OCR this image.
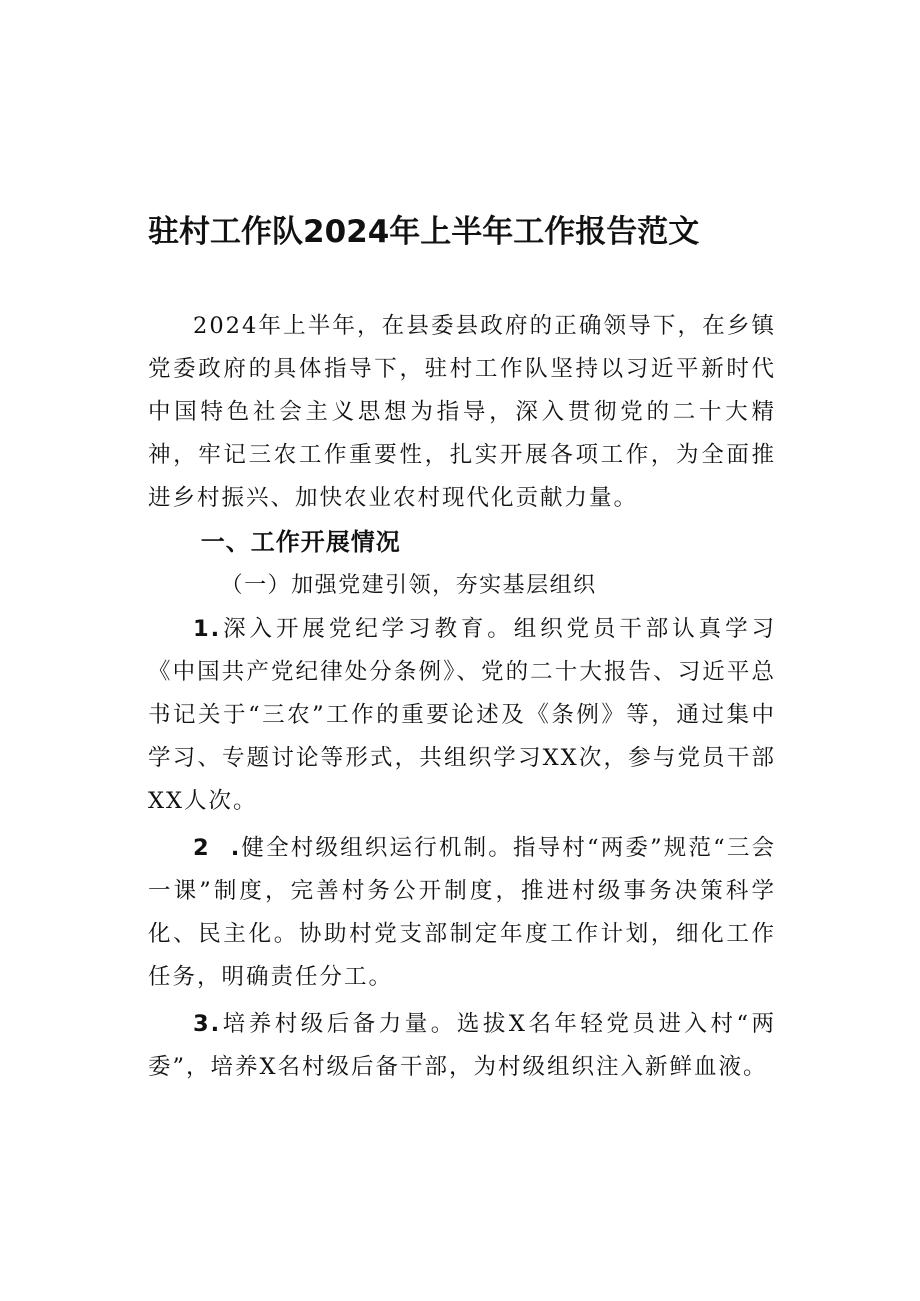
驻村工作队2024年上半年工作报告范文

2024年上半年，在县委县政府的正确领导下，在乡镇党委政府的具体指导下，驻村工作队坚持以习近平新时代中国特色社会主义思想为指导，深入贯彻党的二十大精神，牢记三农工作重要性，扎实开展各项工作，为全面推进乡村振兴、加快农业农村现代化贡献力量。

一、工作开展情况

（一）加强党建引领，夯实基层组织

1.深入开展党纪学习教育。组织党员干部认真学习《中国共产党纪律处分条例》、党的二十大报告、习近平总书记关于“三农”工作的重要论述及《条例》等，通过集中学习、专题讨论等形式，共组织学习XX次，参与党员干部XX人次。

2  .健全村级组织运行机制。指导村“两委”规范“三会一课”制度，完善村务公开制度，推进村级事务决策科学化、民主化。协助村党支部制定年度工作计划，细化工作任务，明确责任分工。

3.培养村级后备力量。选拔X名年轻党员进入村“两委”，培养X名村级后备干部，为村级组织注入新鲜血液。
